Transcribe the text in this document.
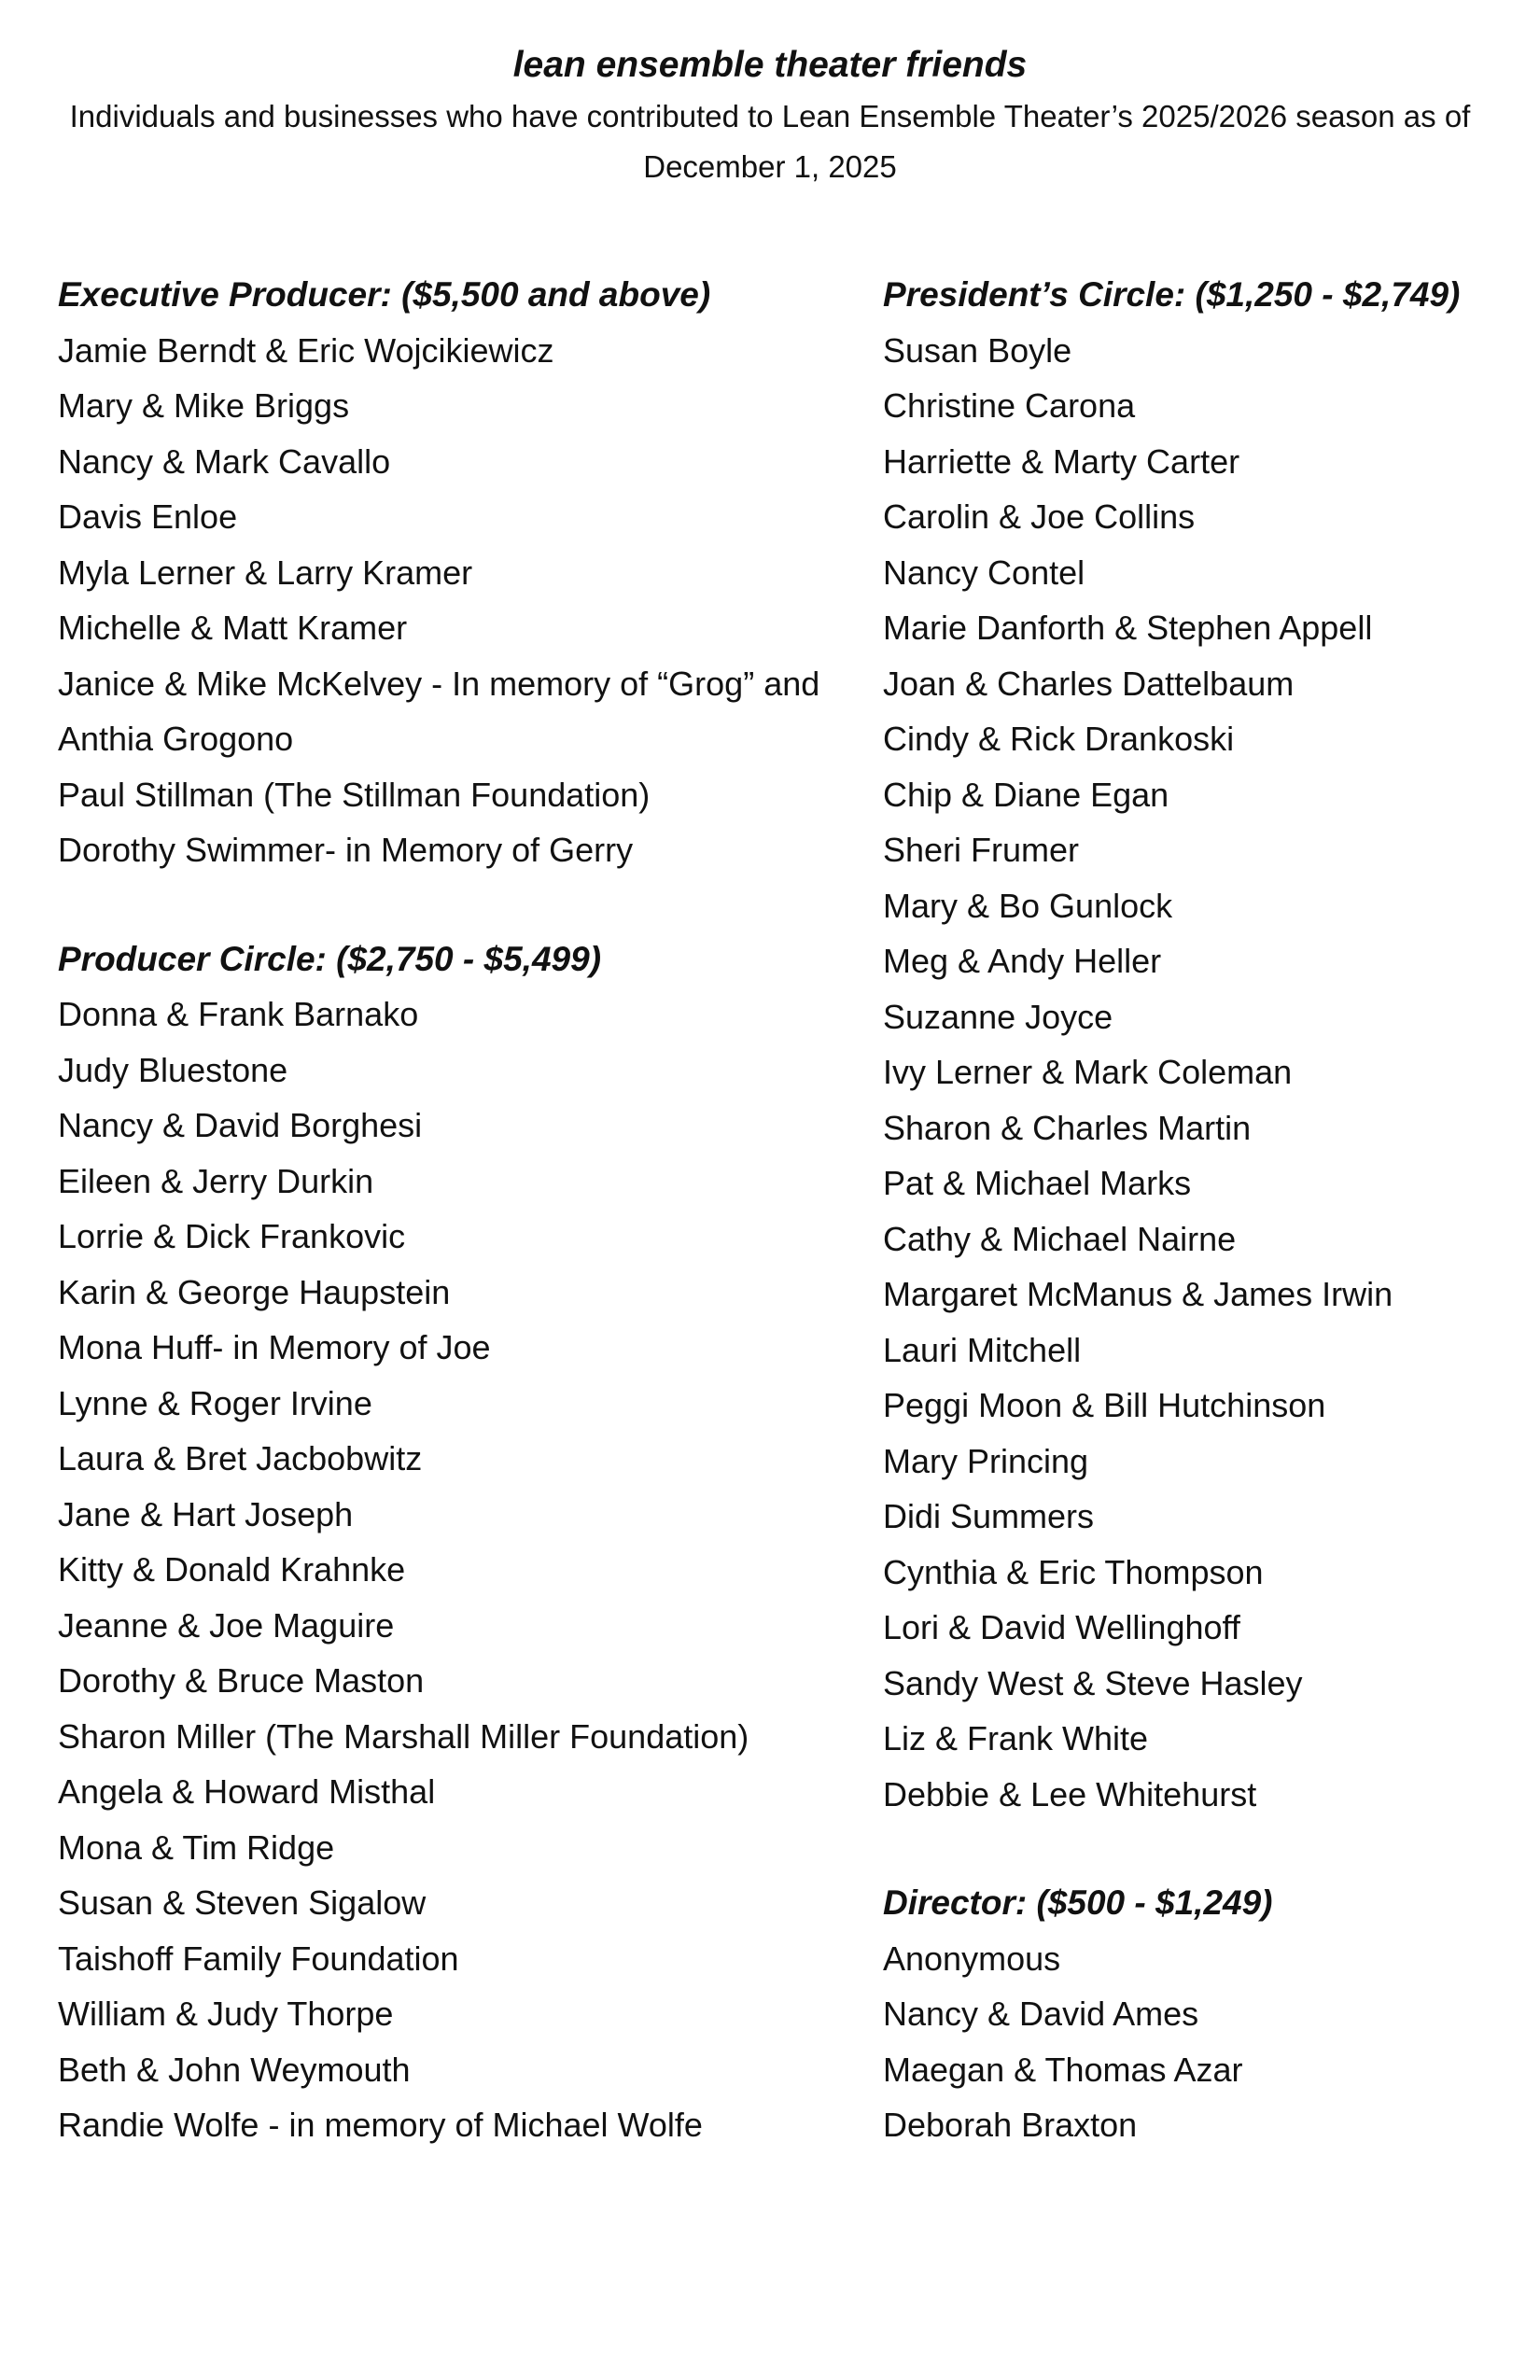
lean ensemble theater friends

Individuals and businesses who have contributed to Lean Ensemble Theater’s 2025/2026 season as of December 1, 2025

Executive Producer: ($5,500 and above)
Jamie Berndt & Eric Wojcikiewicz
Mary & Mike Briggs
Nancy & Mark Cavallo
Davis Enloe
Myla Lerner & Larry Kramer
Michelle & Matt Kramer
Janice & Mike McKelvey - In memory of “Grog” and Anthia Grogono
Paul Stillman (The Stillman Foundation)
Dorothy Swimmer- in Memory of Gerry
Producer Circle: ($2,750 - $5,499)
Donna & Frank Barnako
Judy Bluestone
Nancy & David Borghesi
Eileen & Jerry Durkin
Lorrie & Dick Frankovic
Karin & George Haupstein
Mona Huff- in Memory of Joe
Lynne & Roger Irvine
Laura & Bret Jacbobwitz
Jane & Hart Joseph
Kitty & Donald Krahnke
Jeanne & Joe Maguire
Dorothy & Bruce Maston
Sharon Miller (The Marshall Miller Foundation)
Angela & Howard Misthal
Mona & Tim Ridge
Susan & Steven Sigalow
Taishoff Family Foundation
William & Judy Thorpe
Beth & John Weymouth
Randie Wolfe - in memory of Michael Wolfe
President’s Circle: ($1,250 - $2,749)
Susan Boyle
Christine Carona
Harriette & Marty Carter
Carolin & Joe Collins
Nancy Contel
Marie Danforth & Stephen Appell
Joan & Charles Dattelbaum
Cindy & Rick Drankoski
Chip & Diane Egan
Sheri Frumer
Mary & Bo Gunlock
Meg & Andy Heller
Suzanne Joyce
Ivy Lerner & Mark Coleman
Sharon & Charles Martin
Pat & Michael Marks
Cathy & Michael Nairne
Margaret McManus & James Irwin
Lauri Mitchell
Peggi Moon & Bill Hutchinson
Mary Princing
Didi Summers
Cynthia & Eric Thompson
Lori & David Wellinghoff
Sandy West & Steve Hasley
Liz & Frank White
Debbie & Lee Whitehurst
Director: ($500 - $1,249)
Anonymous
Nancy & David Ames
Maegan & Thomas Azar
Deborah Braxton
